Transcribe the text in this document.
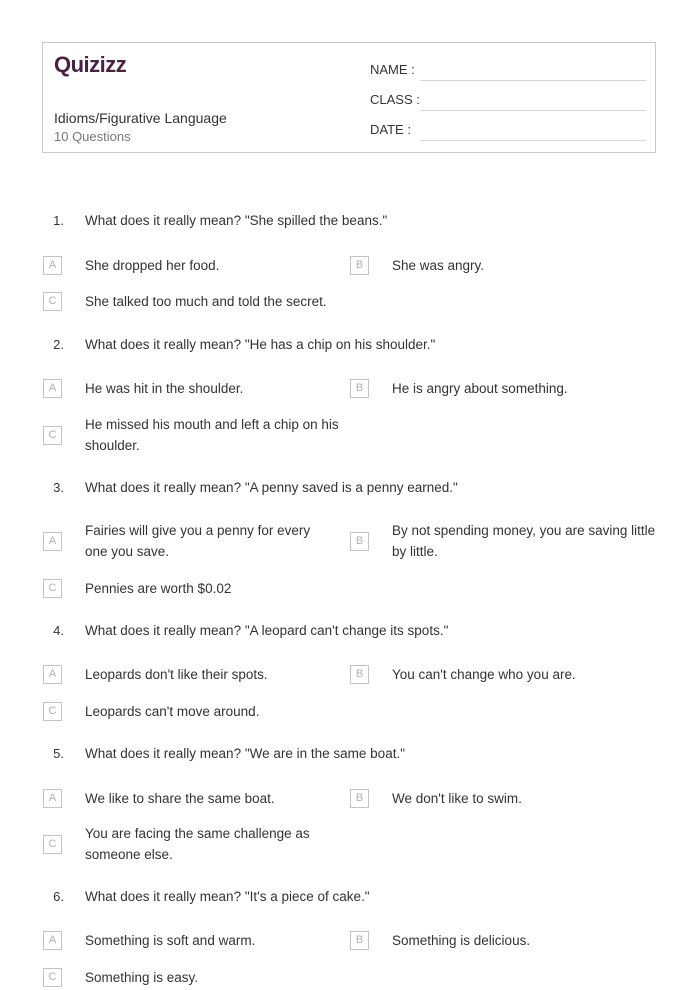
Quizizz
Idioms/Figurative Language
10 Questions
NAME :
CLASS :
DATE :
1. What does it really mean? "She spilled the beans."
A	She dropped her food.	B	She was angry.
C	She talked too much and told the secret.
2. What does it really mean? "He has a chip on his shoulder."
A	He was hit in the shoulder.	B	He is angry about something.
C
He missed his mouth and left a chip on his shoulder.
3. What does it really mean? "A penny saved is a penny earned."
A
Fairies will give you a penny for every one you save.
B
By not spending money, you are saving little by little.
C	Pennies are worth $0.02
4. What does it really mean? "A leopard can't change its spots."
A	Leopards don't like their spots.	B	You can't change who you are.
C	Leopards can't move around.
5. What does it really mean? "We are in the same boat."
A	We like to share the same boat.	B	We don't like to swim.
C
You are facing the same challenge as someone else.
6. What does it really mean? "It's a piece of cake."
A	Something is soft and warm.	B	Something is delicious.
C	Something is easy.
